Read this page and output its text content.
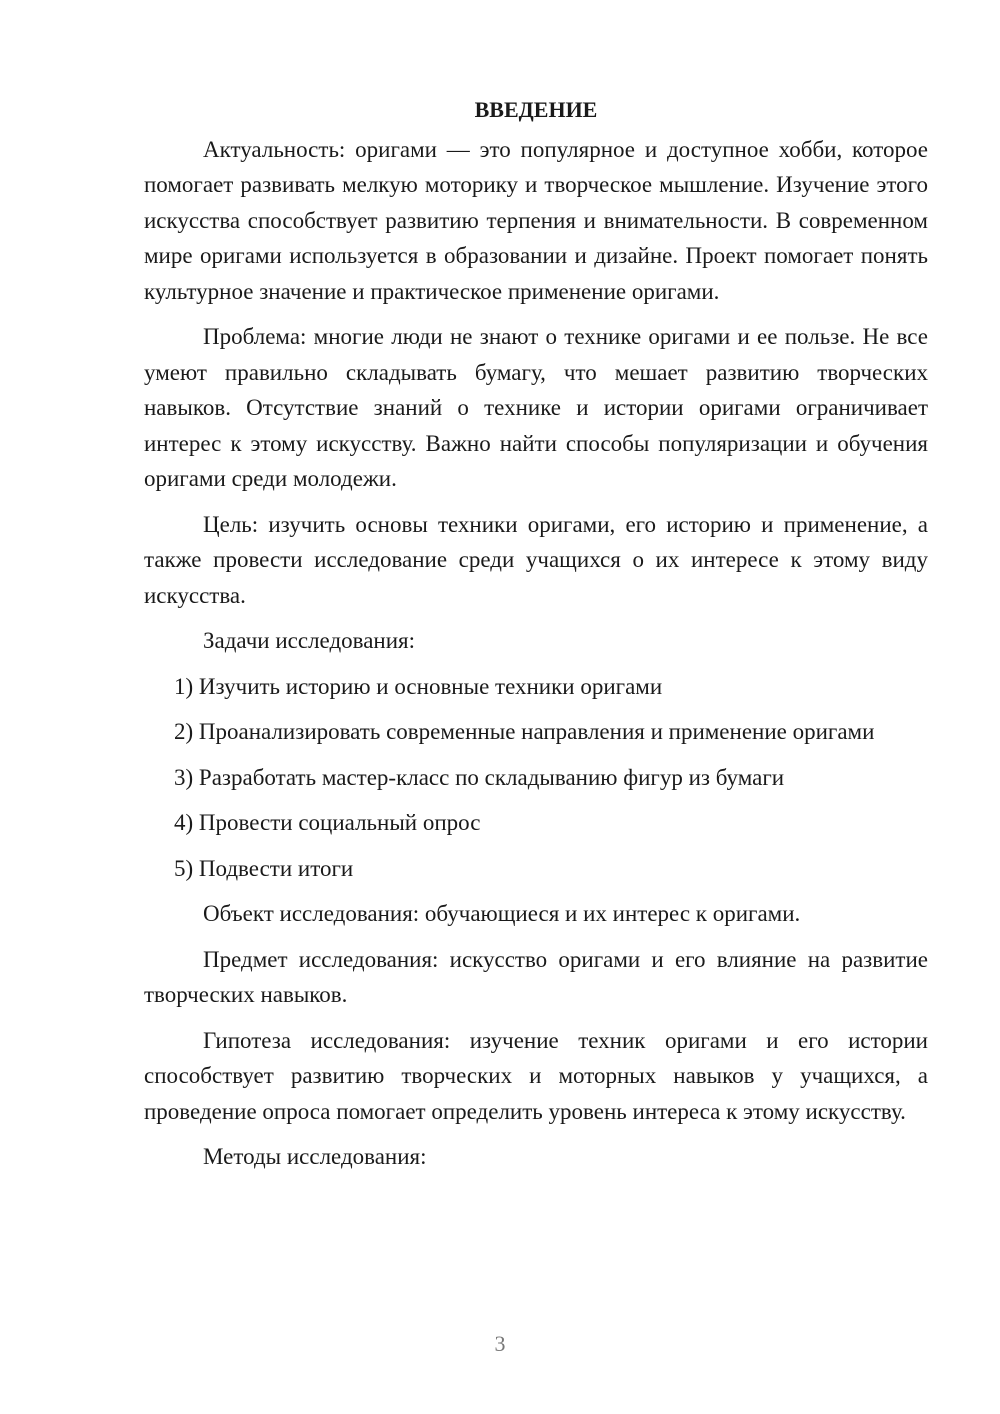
ВВЕДЕНИЕ

Актуальность: оригами — это популярное и доступное хобби, которое помогает развивать мелкую моторику и творческое мышление. Изучение этого искусства способствует развитию терпения и внимательности. В современном мире оригами используется в образовании и дизайне. Проект помогает понять культурное значение и практическое применение оригами.

Проблема: многие люди не знают о технике оригами и ее пользе. Не все умеют правильно складывать бумагу, что мешает развитию творческих навыков. Отсутствие знаний о технике и истории оригами ограничивает интерес к этому искусству. Важно найти способы популяризации и обучения оригами среди молодежи.

Цель: изучить основы техники оригами, его историю и применение, а также провести исследование среди учащихся о их интересе к этому виду искусства.

Задачи исследования:

1) Изучить историю и основные техники оригами

2) Проанализировать современные направления и применение оригами

3) Разработать мастер-класс по складыванию фигур из бумаги

4) Провести социальный опрос

5) Подвести итоги

Объект исследования: обучающиеся и их интерес к оригами.

Предмет исследования: искусство оригами и его влияние на развитие творческих навыков.

Гипотеза исследования: изучение техник оригами и его истории способствует развитию творческих и моторных навыков у учащихся, а проведение опроса помогает определить уровень интереса к этому искусству.

Методы исследования:

3
